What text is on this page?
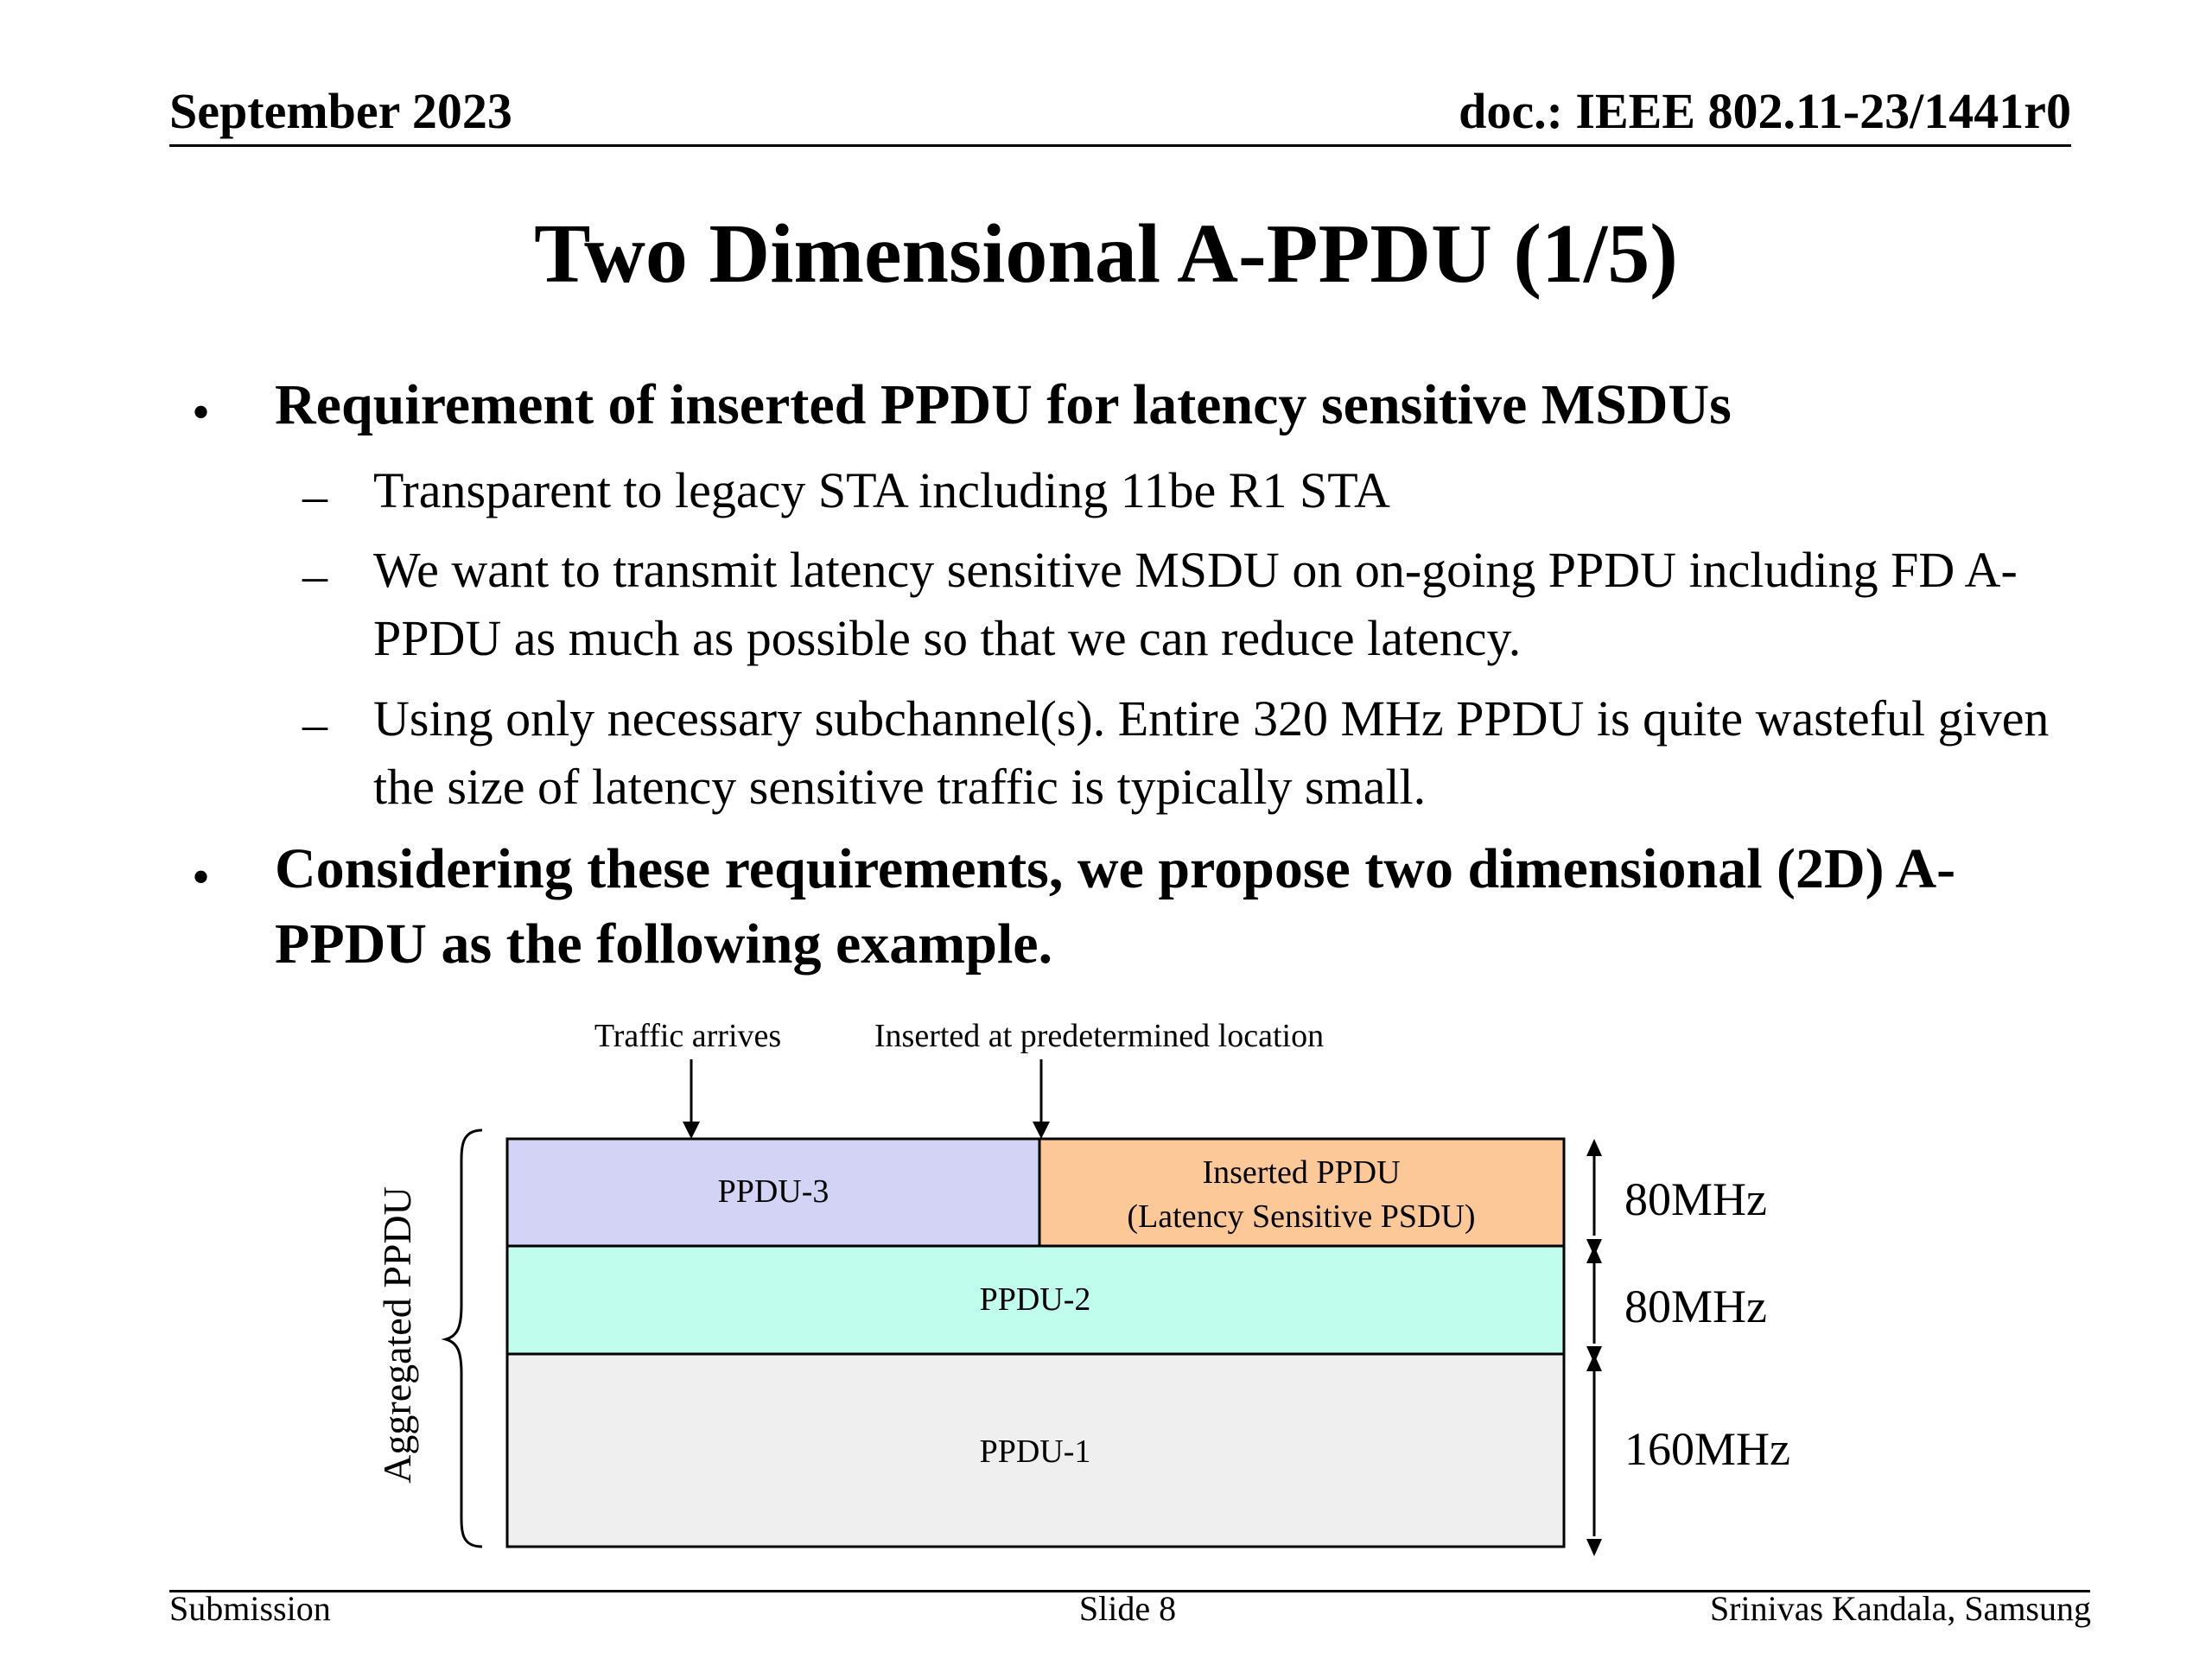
September 2023	doc.: IEEE 802.11-23/1441r0
Two Dimensional A-PPDU (1/5)
• Requirement of inserted PPDU for latency sensitive MSDUs
– Transparent to legacy STA including 11be R1 STA
– We want to transmit latency sensitive MSDU on on-going PPDU including FD A-PPDU as much as possible so that we can reduce latency.
– Using only necessary subchannel(s). Entire 320 MHz PPDU is quite wasteful given the size of latency sensitive traffic is typically small.
• Considering these requirements, we propose two dimensional (2D) A-PPDU as the following example.
Traffic arrives	Inserted at predetermined location
Aggregated PPDU	PPDU-3
Inserted PPDU
(Latency Sensitive PSDU)
PPDU-2
PPDU-1
80MHz
80MHz
160MHz
Submission	Slide 8	Srinivas Kandala, Samsung
